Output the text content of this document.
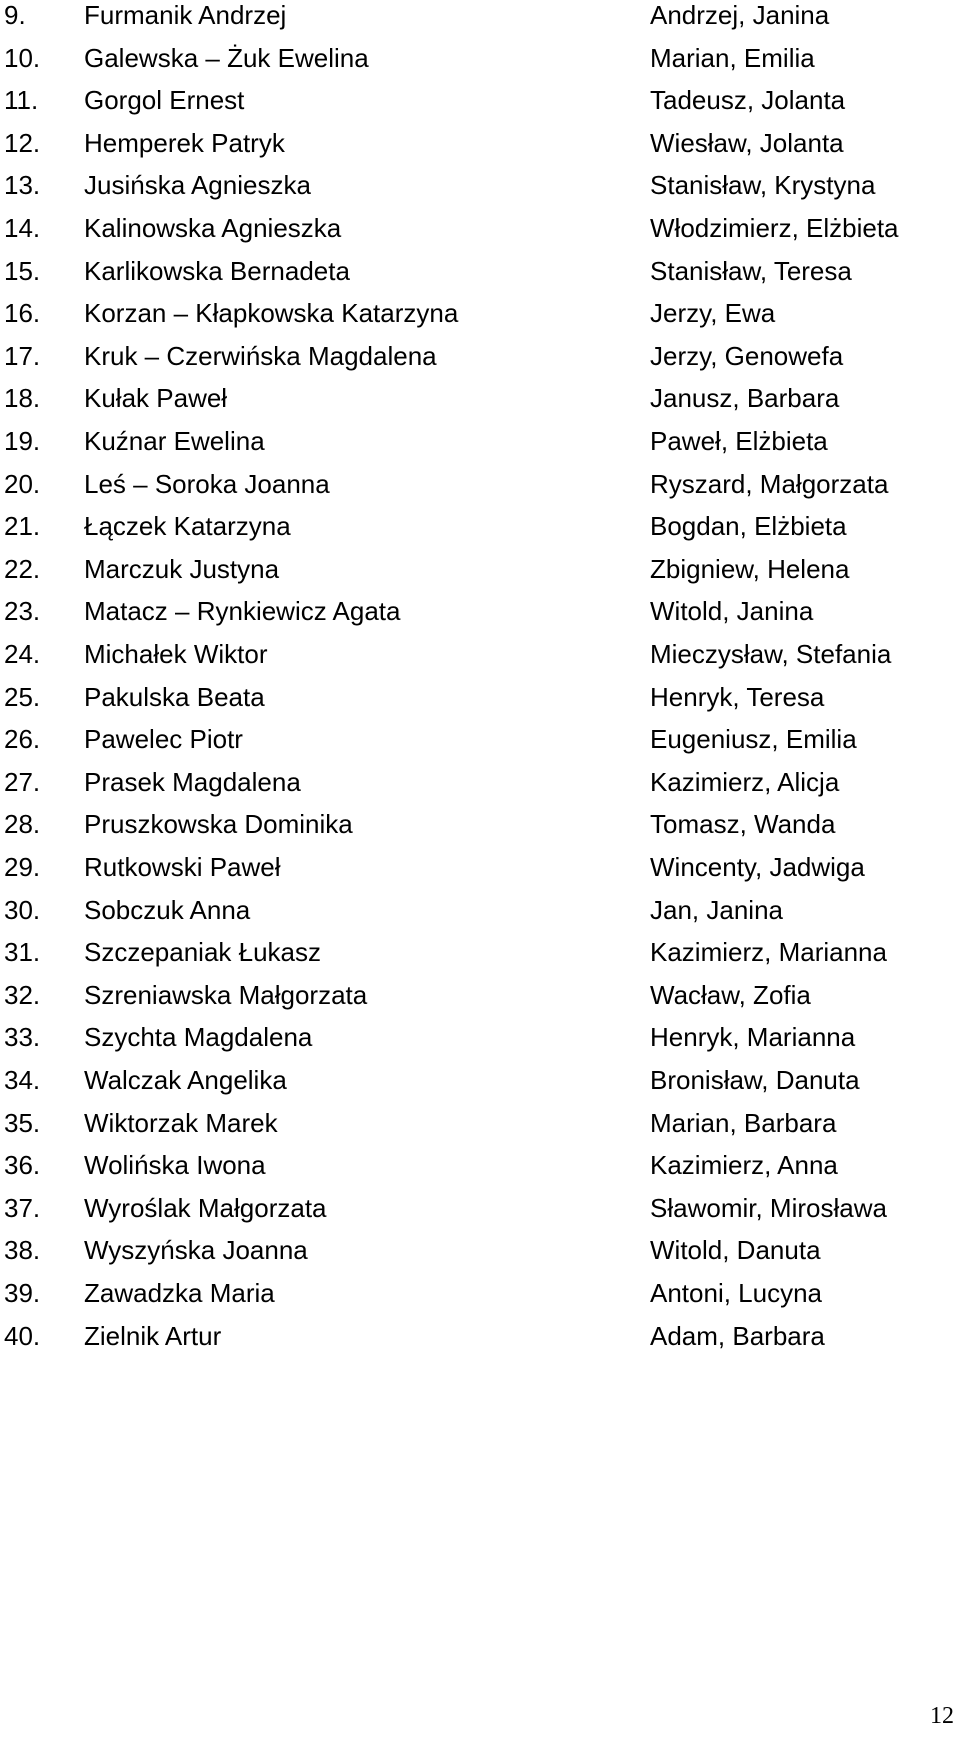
9. Furmanik Andrzej	Andrzej, Janina
10. Galewska – Żuk Ewelina	Marian, Emilia
11. Gorgol Ernest	Tadeusz, Jolanta
12. Hemperek Patryk	Wiesław, Jolanta
13. Jusińska Agnieszka	Stanisław, Krystyna
14. Kalinowska Agnieszka	Włodzimierz, Elżbieta
15. Karlikowska Bernadeta	Stanisław, Teresa
16. Korzan – Kłapkowska Katarzyna	Jerzy, Ewa
17. Kruk – Czerwińska Magdalena	Jerzy, Genowefa
18. Kułak Paweł	Janusz, Barbara
19. Kuźnar Ewelina	Paweł, Elżbieta
20. Leś – Soroka Joanna	Ryszard, Małgorzata
21. Łączek Katarzyna	Bogdan, Elżbieta
22. Marczuk Justyna	Zbigniew, Helena
23. Matacz – Rynkiewicz Agata	Witold, Janina
24. Michałek Wiktor	Mieczysław, Stefania
25. Pakulska Beata	Henryk, Teresa
26. Pawelec Piotr	Eugeniusz, Emilia
27. Prasek Magdalena	Kazimierz, Alicja
28. Pruszkowska Dominika	Tomasz, Wanda
29. Rutkowski Paweł	Wincenty, Jadwiga
30. Sobczuk Anna	Jan, Janina
31. Szczepaniak Łukasz	Kazimierz, Marianna
32. Szreniawska Małgorzata	Wacław, Zofia
33. Szychta Magdalena	Henryk, Marianna
34. Walczak Angelika	Bronisław, Danuta
35. Wiktorzak Marek	Marian, Barbara
36. Wolińska Iwona	Kazimierz, Anna
37. Wyroślak Małgorzata	Sławomir, Mirosława
38. Wyszyńska Joanna	Witold, Danuta
39. Zawadzka Maria	Antoni, Lucyna
40. Zielnik Artur	Adam, Barbara
12
